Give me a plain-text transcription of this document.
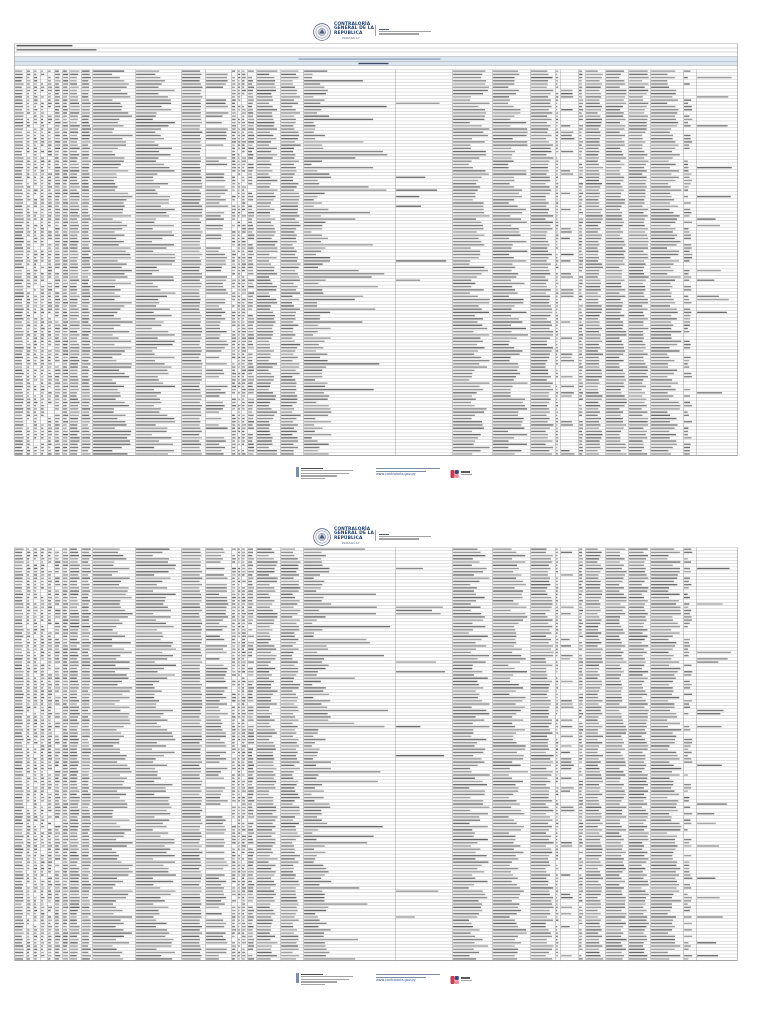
CONTRALORÍA
GENERAL DE LA
REPÚBLICA
PARAGUAY
www.contraloria.gov.py
CONTRALORÍA
GENERAL DE LA
REPÚBLICA
PARAGUAY
www.contraloria.gov.py
